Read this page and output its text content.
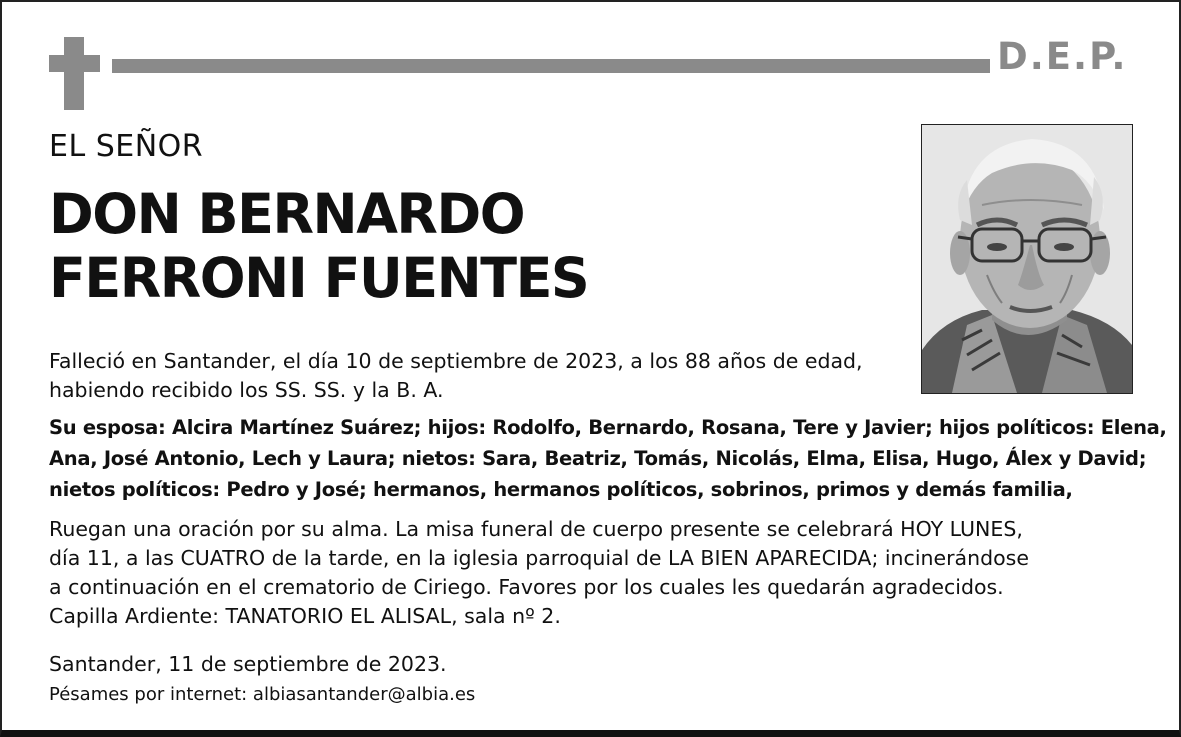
D.E.P.
EL SEÑOR
DON BERNARDO
FERRONI FUENTES
Falleció en Santander, el día 10 de septiembre de 2023, a los 88 años de edad,
habiendo recibido los SS. SS. y la B. A.
Su esposa: Alcira Martínez Suárez; hijos: Rodolfo, Bernardo, Rosana, Tere y Javier; hijos políticos: Elena,
Ana, José Antonio, Lech y Laura; nietos: Sara, Beatriz, Tomás, Nicolás, Elma, Elisa, Hugo, Álex y David;
nietos políticos: Pedro y José; hermanos, hermanos políticos, sobrinos, primos y demás familia,
Ruegan una oración por su alma. La misa funeral de cuerpo presente se celebrará HOY LUNES,
día 11, a las CUATRO de la tarde, en la iglesia parroquial de LA BIEN APARECIDA; incinerándose
a continuación en el crematorio de Ciriego. Favores por los cuales les quedarán agradecidos.
Capilla Ardiente: TANATORIO EL ALISAL, sala nº 2.
Santander, 11 de septiembre de 2023.
Pésames por internet: albiasantander@albia.es
